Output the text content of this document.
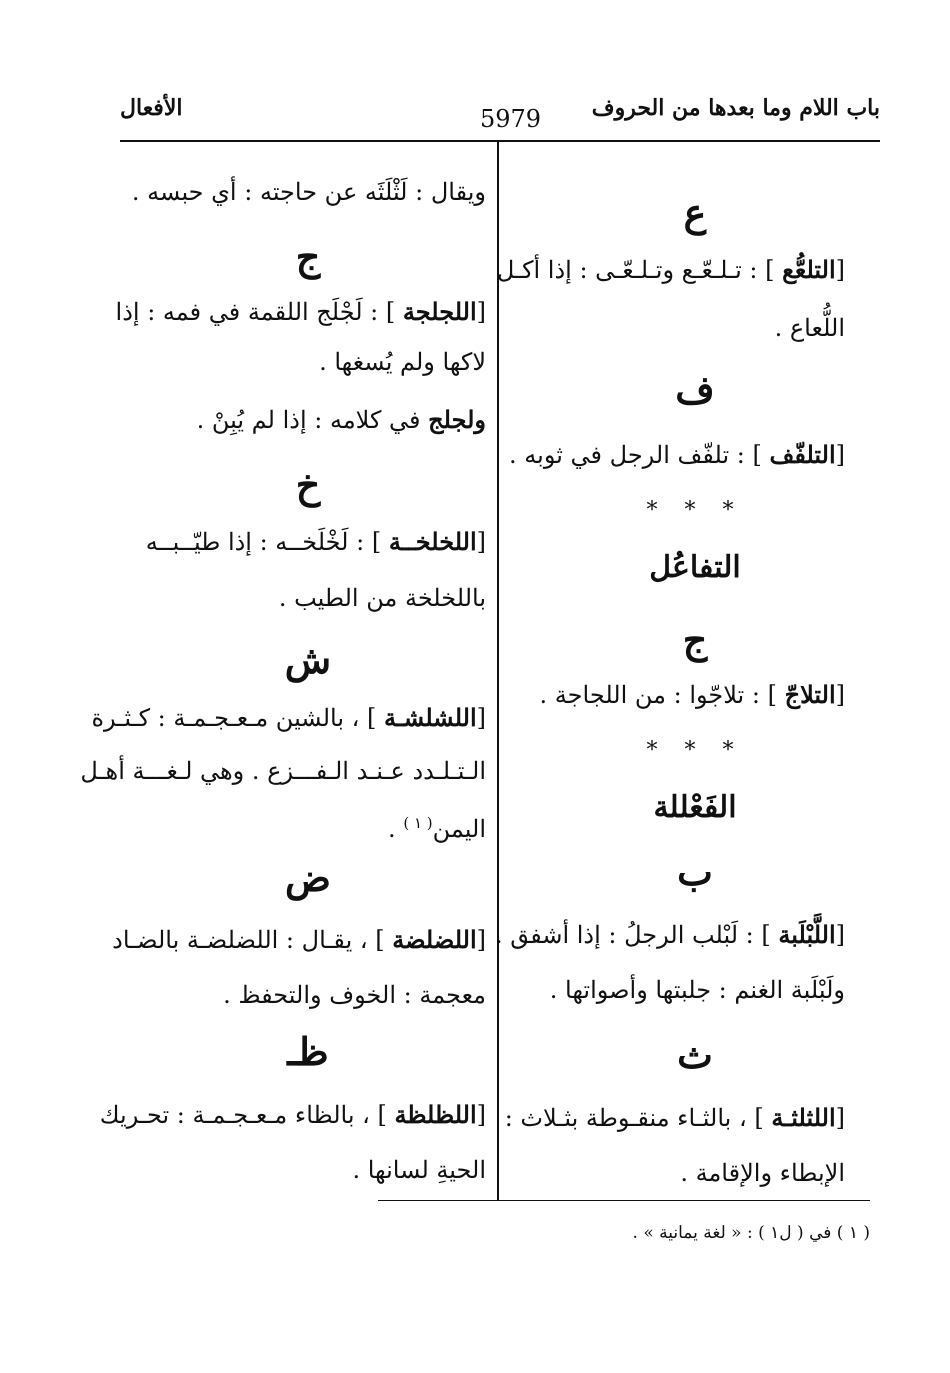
باب اللام وما بعدها من الحروف
5979
الأفعال
ع
[التلعُّع ] : تـلـعّـع وتـلـعّـى : إذا أكـل
اللُّعاع .
ف
[التلفّف ] : تلفّف الرجل في ثوبه .
* * *
التفاعُل
ج
[التلاجّ ] : تلاجّوا : من اللجاجة .
* * *
الفَعْللة
ب
[اللَّبْلَبة ] : لَبْلب الرجلُ : إذا أشفق .
ولَبْلَبة الغنم : جلبتها وأصواتها .
ث
[اللثلثـة ] ، بالثـاء منقـوطة بثـلاث :
الإبطاء والإقامة .
ويقال : لَثْلَثَه عن حاجته : أي حبسه .
ج
[اللجلجة ] : لَجْلَج اللقمة في فمه : إذا
لاكها ولم يُسغها .
ولجلج في كلامه : إذا لم يُبِنْ .
خ
[اللخلخــة ] : لَخْلَخــه : إذا طيّــبــه
باللخلخة من الطيب .
ش
[اللشلشـة ] ، بالشين مـعـجـمـة : كـثـرة
الـتـلـدد عـنـد الـفـــزع . وهي لـغـــة أهـل
اليمن$^{( ١ )}$ .
ض
[اللضلضة ] ، يقـال : اللضلضـة بالضـاد
معجمة : الخوف والتحفظ .
ظـ
[اللظلظة ] ، بالظاء مـعـجـمـة : تحـريك
الحيةِ لسانها .
( ١ ) في ( ل١ ) : « لغة يمانية » .
